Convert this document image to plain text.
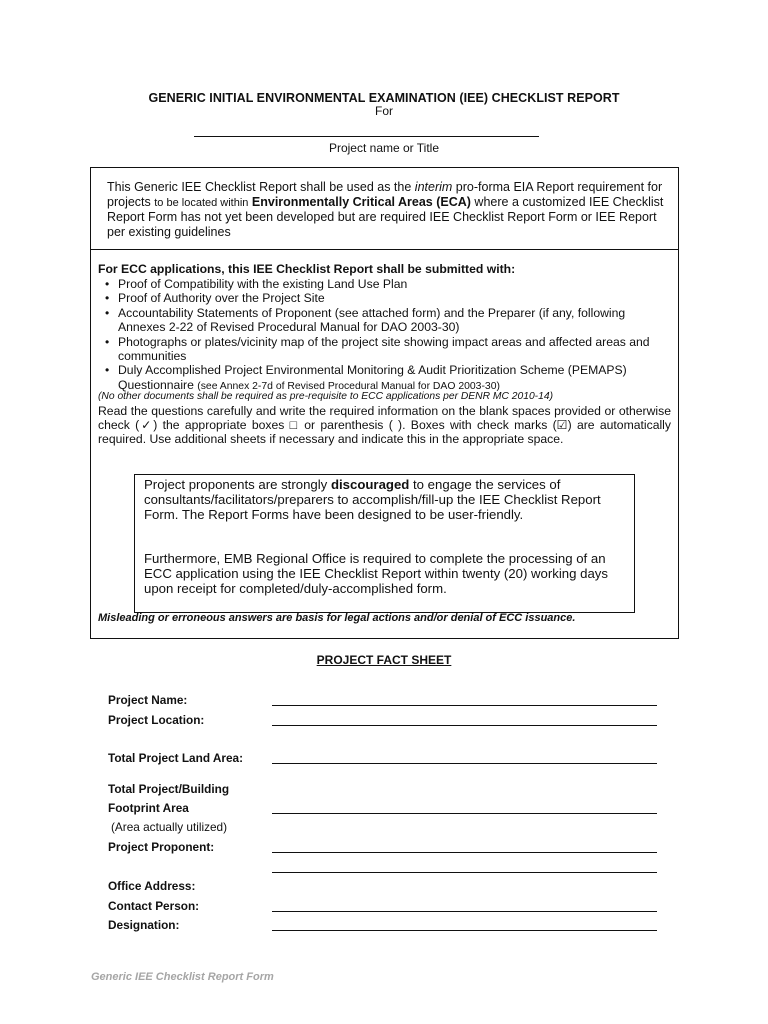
GENERIC INITIAL ENVIRONMENTAL EXAMINATION (IEE) CHECKLIST REPORT
For
Project name or Title

This Generic IEE Checklist Report shall be used as the interim pro-forma EIA Report requirement for projects to be located within Environmentally Critical Areas (ECA) where a customized IEE Checklist Report Form has not yet been developed but are required IEE Checklist Report Form or IEE Report per existing guidelines

For ECC applications, this IEE Checklist Report shall be submitted with:
• Proof of Compatibility with the existing Land Use Plan
• Proof of Authority over the Project Site
• Accountability Statements of Proponent (see attached form) and the Preparer (if any, following Annexes 2-22 of Revised Procedural Manual for DAO 2003-30)
• Photographs or plates/vicinity map of the project site showing impact areas and affected areas and communities
• Duly Accomplished Project Environmental Monitoring & Audit Prioritization Scheme (PEMAPS) Questionnaire (see Annex 2-7d of Revised Procedural Manual for DAO 2003-30)
(No other documents shall be required as pre-requisite to ECC applications per DENR MC 2010-14)

Read the questions carefully and write the required information on the blank spaces provided or otherwise check (✓) the appropriate boxes □ or parenthesis ( ). Boxes with check marks (☑) are automatically required. Use additional sheets if necessary and indicate this in the appropriate space.

Project proponents are strongly discouraged to engage the services of consultants/facilitators/preparers to accomplish/fill-up the IEE Checklist Report Form. The Report Forms have been designed to be user-friendly.

Furthermore, EMB Regional Office is required to complete the processing of an ECC application using the IEE Checklist Report within twenty (20) working days upon receipt for completed/duly-accomplished form.

Misleading or erroneous answers are basis for legal actions and/or denial of ECC issuance.
PROJECT FACT SHEET
Project Name:
Project Location:
Total Project Land Area:
Total Project/Building
Footprint Area
(Area actually utilized)
Project Proponent:
Office Address:
Contact Person:
Designation:
Generic IEE Checklist Report Form
